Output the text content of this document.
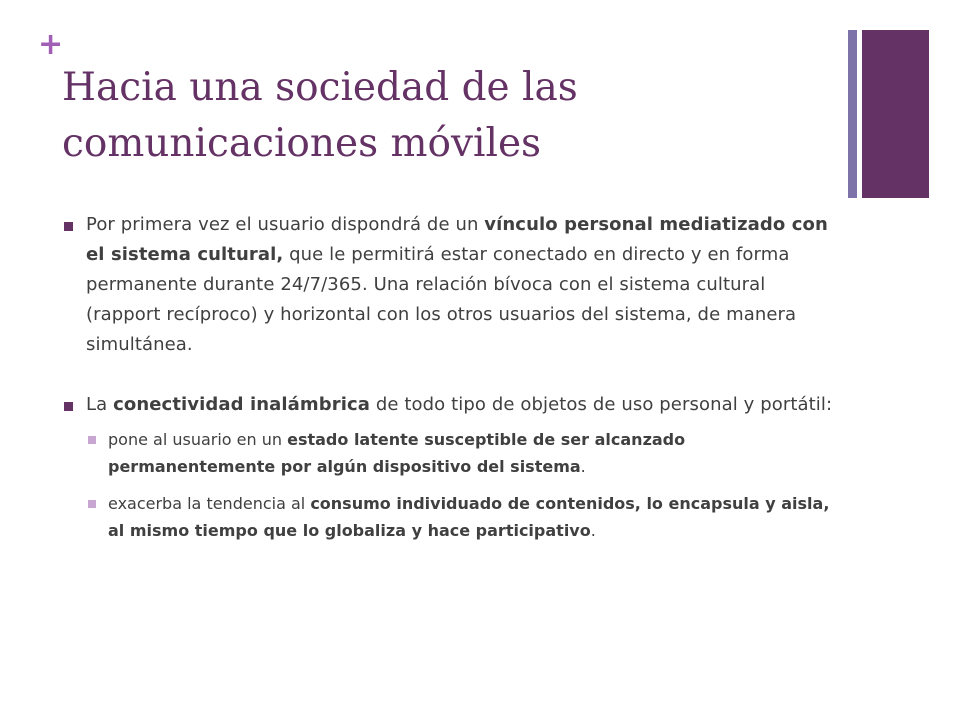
+
Hacia una sociedad de las comunicaciones móviles
Por primera vez el usuario dispondrá de un vínculo personal mediatizado con el sistema cultural, que le permitirá estar conectado en directo y en forma permanente durante 24/7/365. Una relación bívoca con el sistema cultural (rapport recíproco) y horizontal con los otros usuarios del sistema, de manera simultánea.
La conectividad inalámbrica de todo tipo de objetos de uso personal y portátil:
pone al usuario en un estado latente susceptible de ser alcanzado permanentemente por algún dispositivo del sistema.
exacerba la tendencia al consumo individuado de contenidos, lo encapsula y aisla, al mismo tiempo que lo globaliza y hace participativo.
